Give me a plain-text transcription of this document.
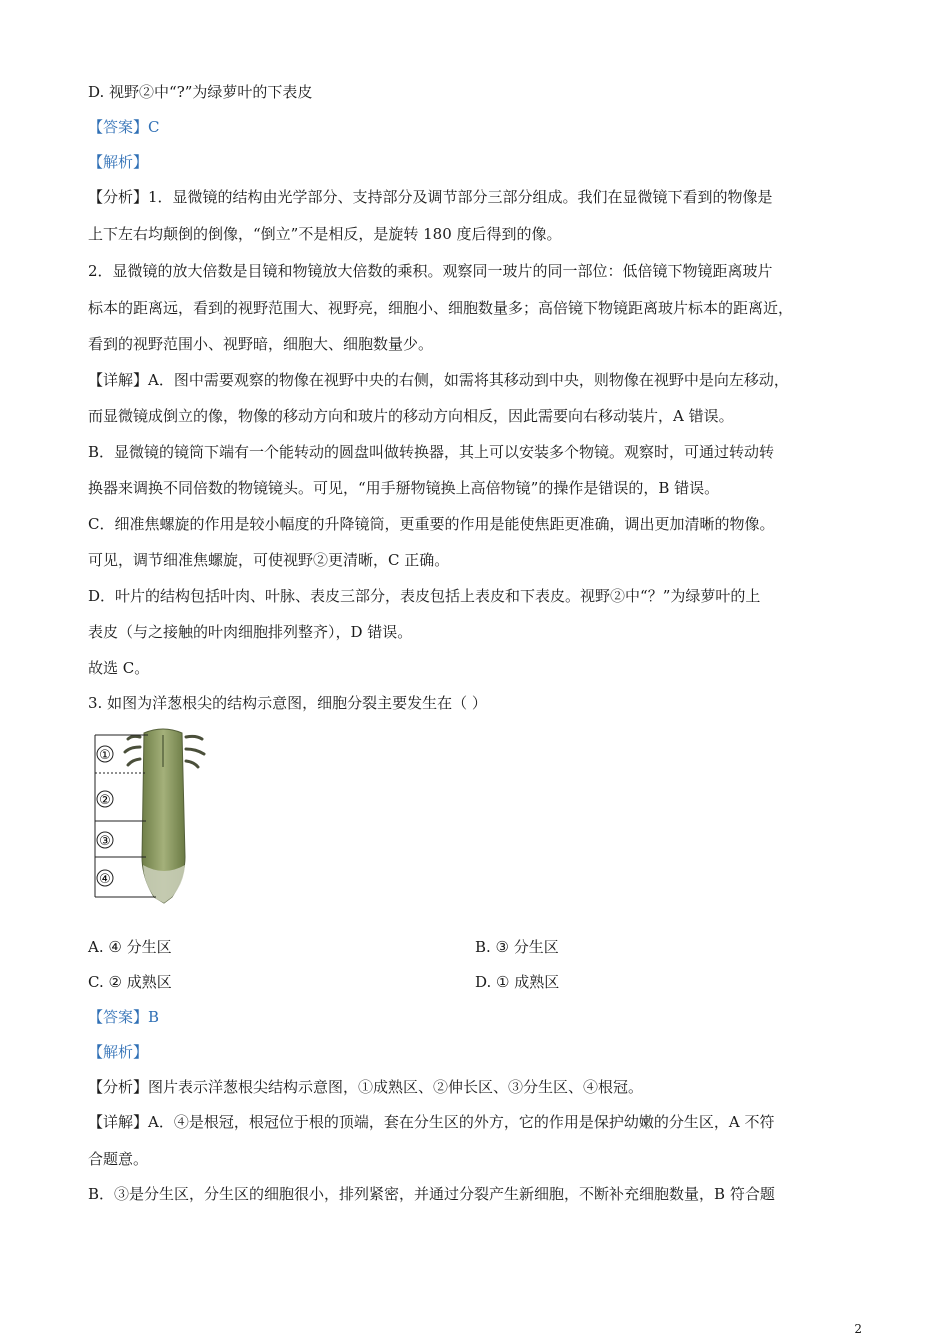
D. 视野②中“?”为绿萝叶的下表皮
【答案】C
【解析】
【分析】1．显微镜的结构由光学部分、支持部分及调节部分三部分组成。我们在显微镜下看到的物像是
上下左右均颠倒的倒像，“倒立”不是相反，是旋转 180 度后得到的像。
2．显微镜的放大倍数是目镜和物镜放大倍数的乘积。观察同一玻片的同一部位：低倍镜下物镜距离玻片
标本的距离远，看到的视野范围大、视野亮，细胞小、细胞数量多；高倍镜下物镜距离玻片标本的距离近，
看到的视野范围小、视野暗，细胞大、细胞数量少。
【详解】A．图中需要观察的物像在视野中央的右侧，如需将其移动到中央，则物像在视野中是向左移动，
而显微镜成倒立的像，物像的移动方向和玻片的移动方向相反，因此需要向右移动装片，A 错误。
B．显微镜的镜筒下端有一个能转动的圆盘叫做转换器，其上可以安装多个物镜。观察时，可通过转动转
换器来调换不同倍数的物镜镜头。可见，“用手掰物镜换上高倍物镜”的操作是错误的，B 错误。
C．细准焦螺旋的作用是较小幅度的升降镜筒，更重要的作用是能使焦距更准确，调出更加清晰的物像。
可见，调节细准焦螺旋，可使视野②更清晰，C 正确。
D．叶片的结构包括叶肉、叶脉、表皮三部分，表皮包括上表皮和下表皮。视野②中“？”为绿萝叶的上
表皮（与之接触的叶肉细胞排列整齐），D 错误。
故选 C。
3. 如图为洋葱根尖的结构示意图，细胞分裂主要发生在（ ）
①
②
③
④
A. ④ 分生区	B. ③ 分生区
C. ② 成熟区	D. ① 成熟区
【答案】B
【解析】
【分析】图片表示洋葱根尖结构示意图，①成熟区、②伸长区、③分生区、④根冠。
【详解】A．④是根冠，根冠位于根的顶端，套在分生区的外方，它的作用是保护幼嫩的分生区，A 不符
合题意。
B．③是分生区，分生区的细胞很小，排列紧密，并通过分裂产生新细胞，不断补充细胞数量，B 符合题
2
